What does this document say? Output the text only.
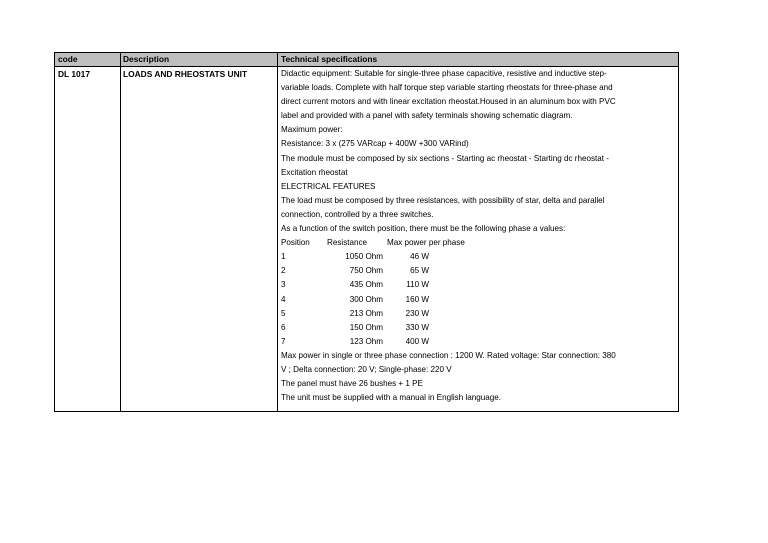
code	Description	Technical specifications
DL 1017	LOADS AND RHEOSTATS UNIT	Didactic equipment: Suitable for single-three phase capacitive, resistive and inductive step-
variable loads. Complete with half torque step variable starting rheostats for three-phase and
direct current motors and with linear excitation rheostat.Housed in an aluminum box with PVC
label and provided with a panel with safety terminals showing schematic diagram.
Maximum power:
Resistance: 3 x (275 VARcap + 400W +300 VARind)
The module must be composed by six sections - Starting ac rheostat - Starting dc rheostat -
Excitation rheostat
ELECTRICAL FEATURES
The load must be composed by three resistances, with possibility of star, delta and parallel
connection, controlled by a three switches.
As a function of the switch position, there must be the following phase a values:
Position	Resistance	Max power per phase
1	1050 Ohm	46 W
2	750 Ohm	65 W
3	435 Ohm	110 W
4	300 Ohm	160 W
5	213 Ohm	230 W
6	150 Ohm	330 W
7	123 Ohm	400 W
Max power in single or three phase connection : 1200 W. Rated voltage: Star connection: 380
V ; Delta connection: 20 V; Single-phase: 220 V
The panel must have 26 bushes + 1 PE
The unit must be supplied with a manual in English language.
